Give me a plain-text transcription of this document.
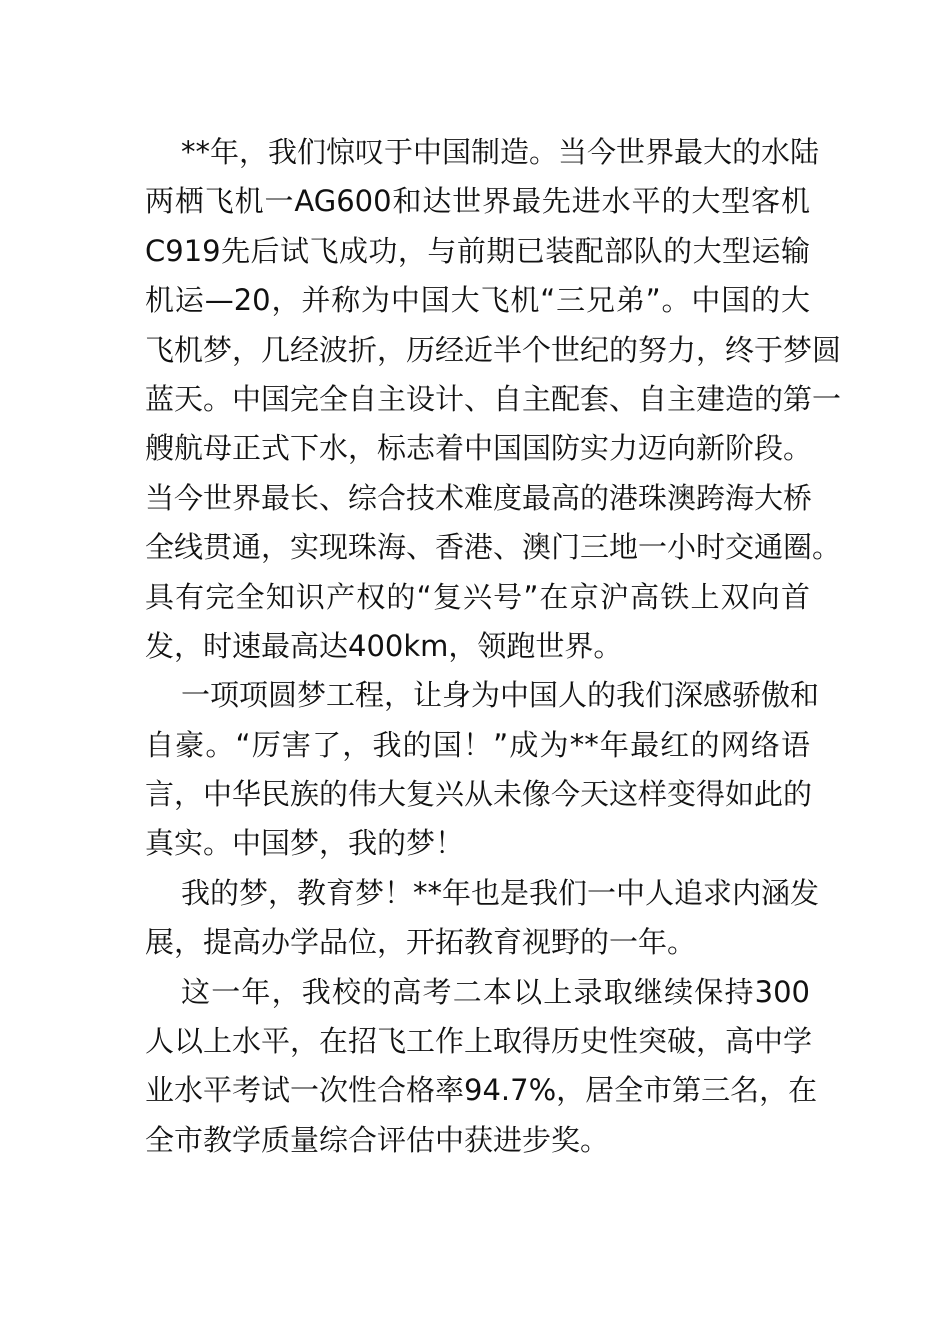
**年，我们惊叹于中国制造。当今世界最大的水陆
两栖飞机一AG600和达世界最先进水平的大型客机
C919先后试飞成功，与前期已装配部队的大型运输
机运—20，并称为中国大飞机“三兄弟”。中国的大
飞机梦，几经波折，历经近半个世纪的努力，终于梦圆
蓝天。中国完全自主设计、自主配套、自主建造的第一
艘航母正式下水，标志着中国国防实力迈向新阶段。
当今世界最长、综合技术难度最高的港珠澳跨海大桥
全线贯通，实现珠海、香港、澳门三地一小时交通圈。
具有完全知识产权的“复兴号”在京沪高铁上双向首
发，时速最高达400km，领跑世界。
一项项圆梦工程，让身为中国人的我们深感骄傲和
自豪。“厉害了，我的国！”成为**年最红的网络语
言，中华民族的伟大复兴从未像今天这样变得如此的
真实。中国梦，我的梦！
我的梦，教育梦！**年也是我们一中人追求内涵发
展，提高办学品位，开拓教育视野的一年。
这一年，我校的高考二本以上录取继续保持300
人以上水平，在招飞工作上取得历史性突破，高中学
业水平考试一次性合格率94.7%，居全市第三名，在
全市教学质量综合评估中获进步奖。
